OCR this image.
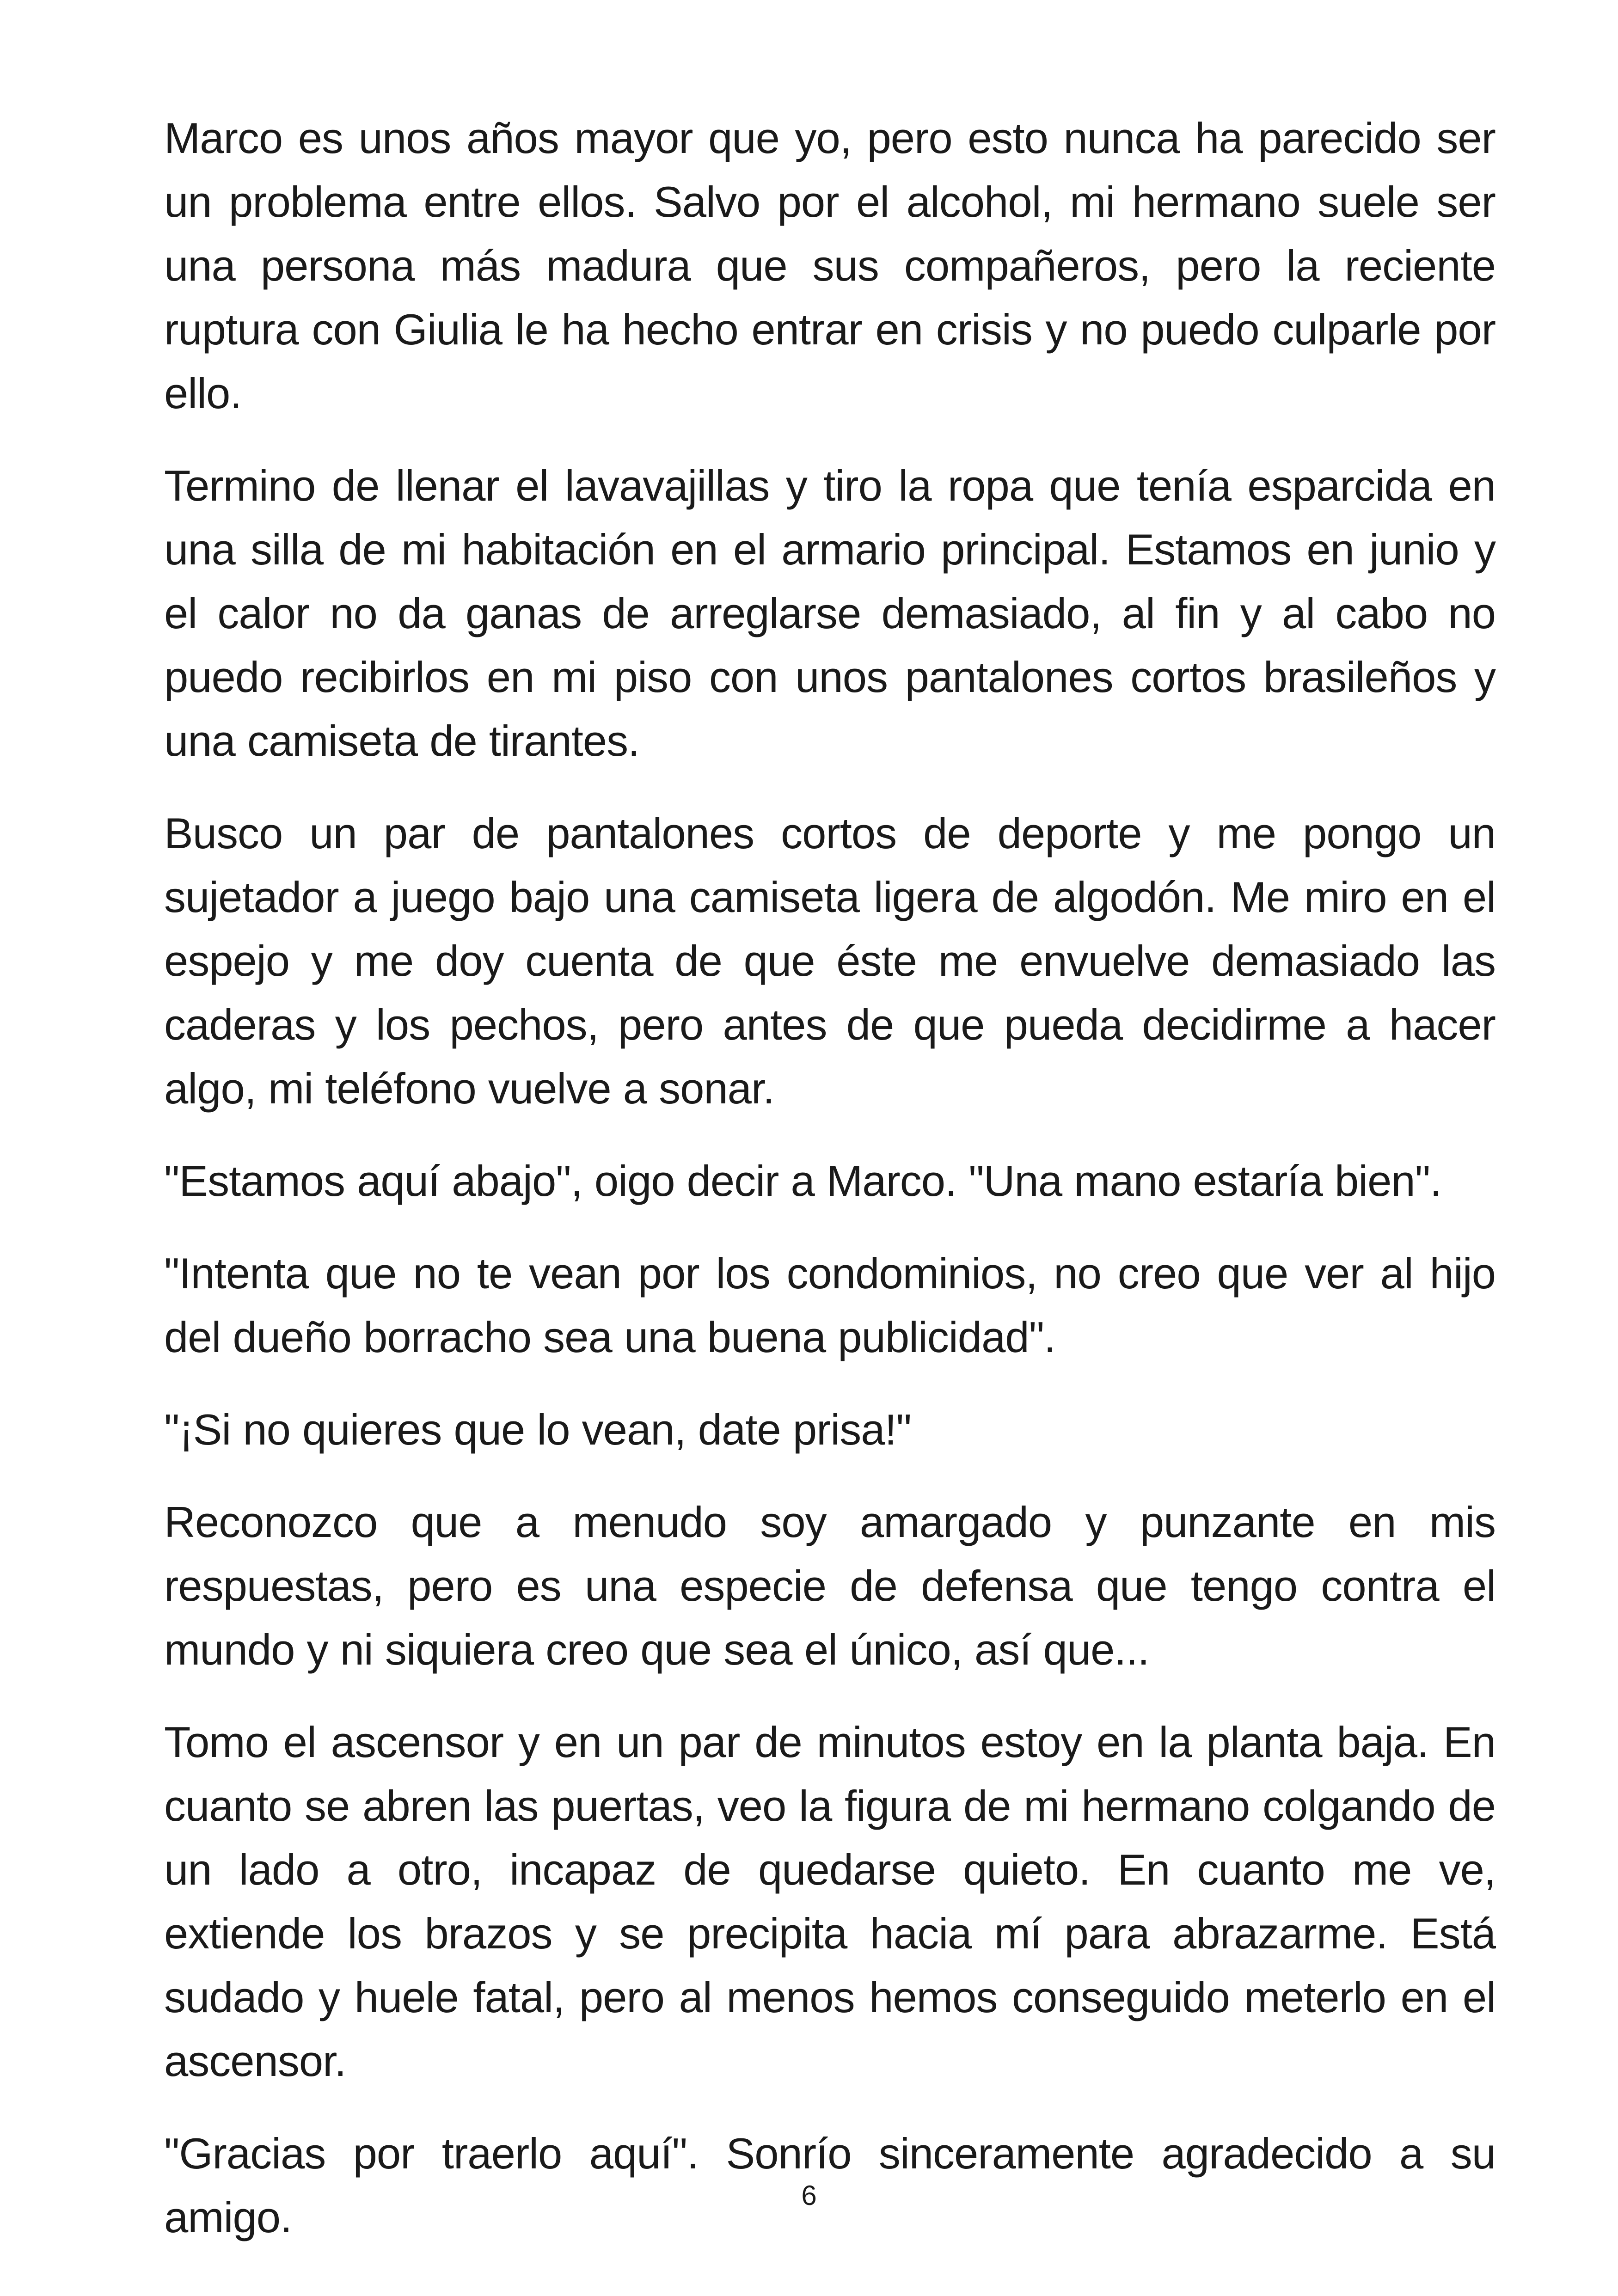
Marco es unos años mayor que yo, pero esto nunca ha parecido ser un problema entre ellos. Salvo por el alcohol, mi hermano suele ser una persona más madura que sus compañeros, pero la reciente ruptura con Giulia le ha hecho entrar en crisis y no puedo culparle por ello.

Termino de llenar el lavavajillas y tiro la ropa que tenía esparcida en una silla de mi habitación en el armario principal. Estamos en junio y el calor no da ganas de arreglarse demasiado, al fin y al cabo no puedo recibirlos en mi piso con unos pantalones cortos brasileños y una camiseta de tirantes.

Busco un par de pantalones cortos de deporte y me pongo un sujetador a juego bajo una camiseta ligera de algodón. Me miro en el espejo y me doy cuenta de que éste me envuelve demasiado las caderas y los pechos, pero antes de que pueda decidirme a hacer algo, mi teléfono vuelve a sonar.

"Estamos aquí abajo", oigo decir a Marco. "Una mano estaría bien".

"Intenta que no te vean por los condominios, no creo que ver al hijo del dueño borracho sea una buena publicidad".

"¡Si no quieres que lo vean, date prisa!"

Reconozco que a menudo soy amargado y punzante en mis respuestas, pero es una especie de defensa que tengo contra el mundo y ni siquiera creo que sea el único, así que...

Tomo el ascensor y en un par de minutos estoy en la planta baja. En cuanto se abren las puertas, veo la figura de mi hermano colgando de un lado a otro, incapaz de quedarse quieto. En cuanto me ve, extiende los brazos y se precipita hacia mí para abrazarme. Está sudado y huele fatal, pero al menos hemos conseguido meterlo en el ascensor.

"Gracias por traerlo aquí". Sonrío sinceramente agradecido a su amigo.	6
